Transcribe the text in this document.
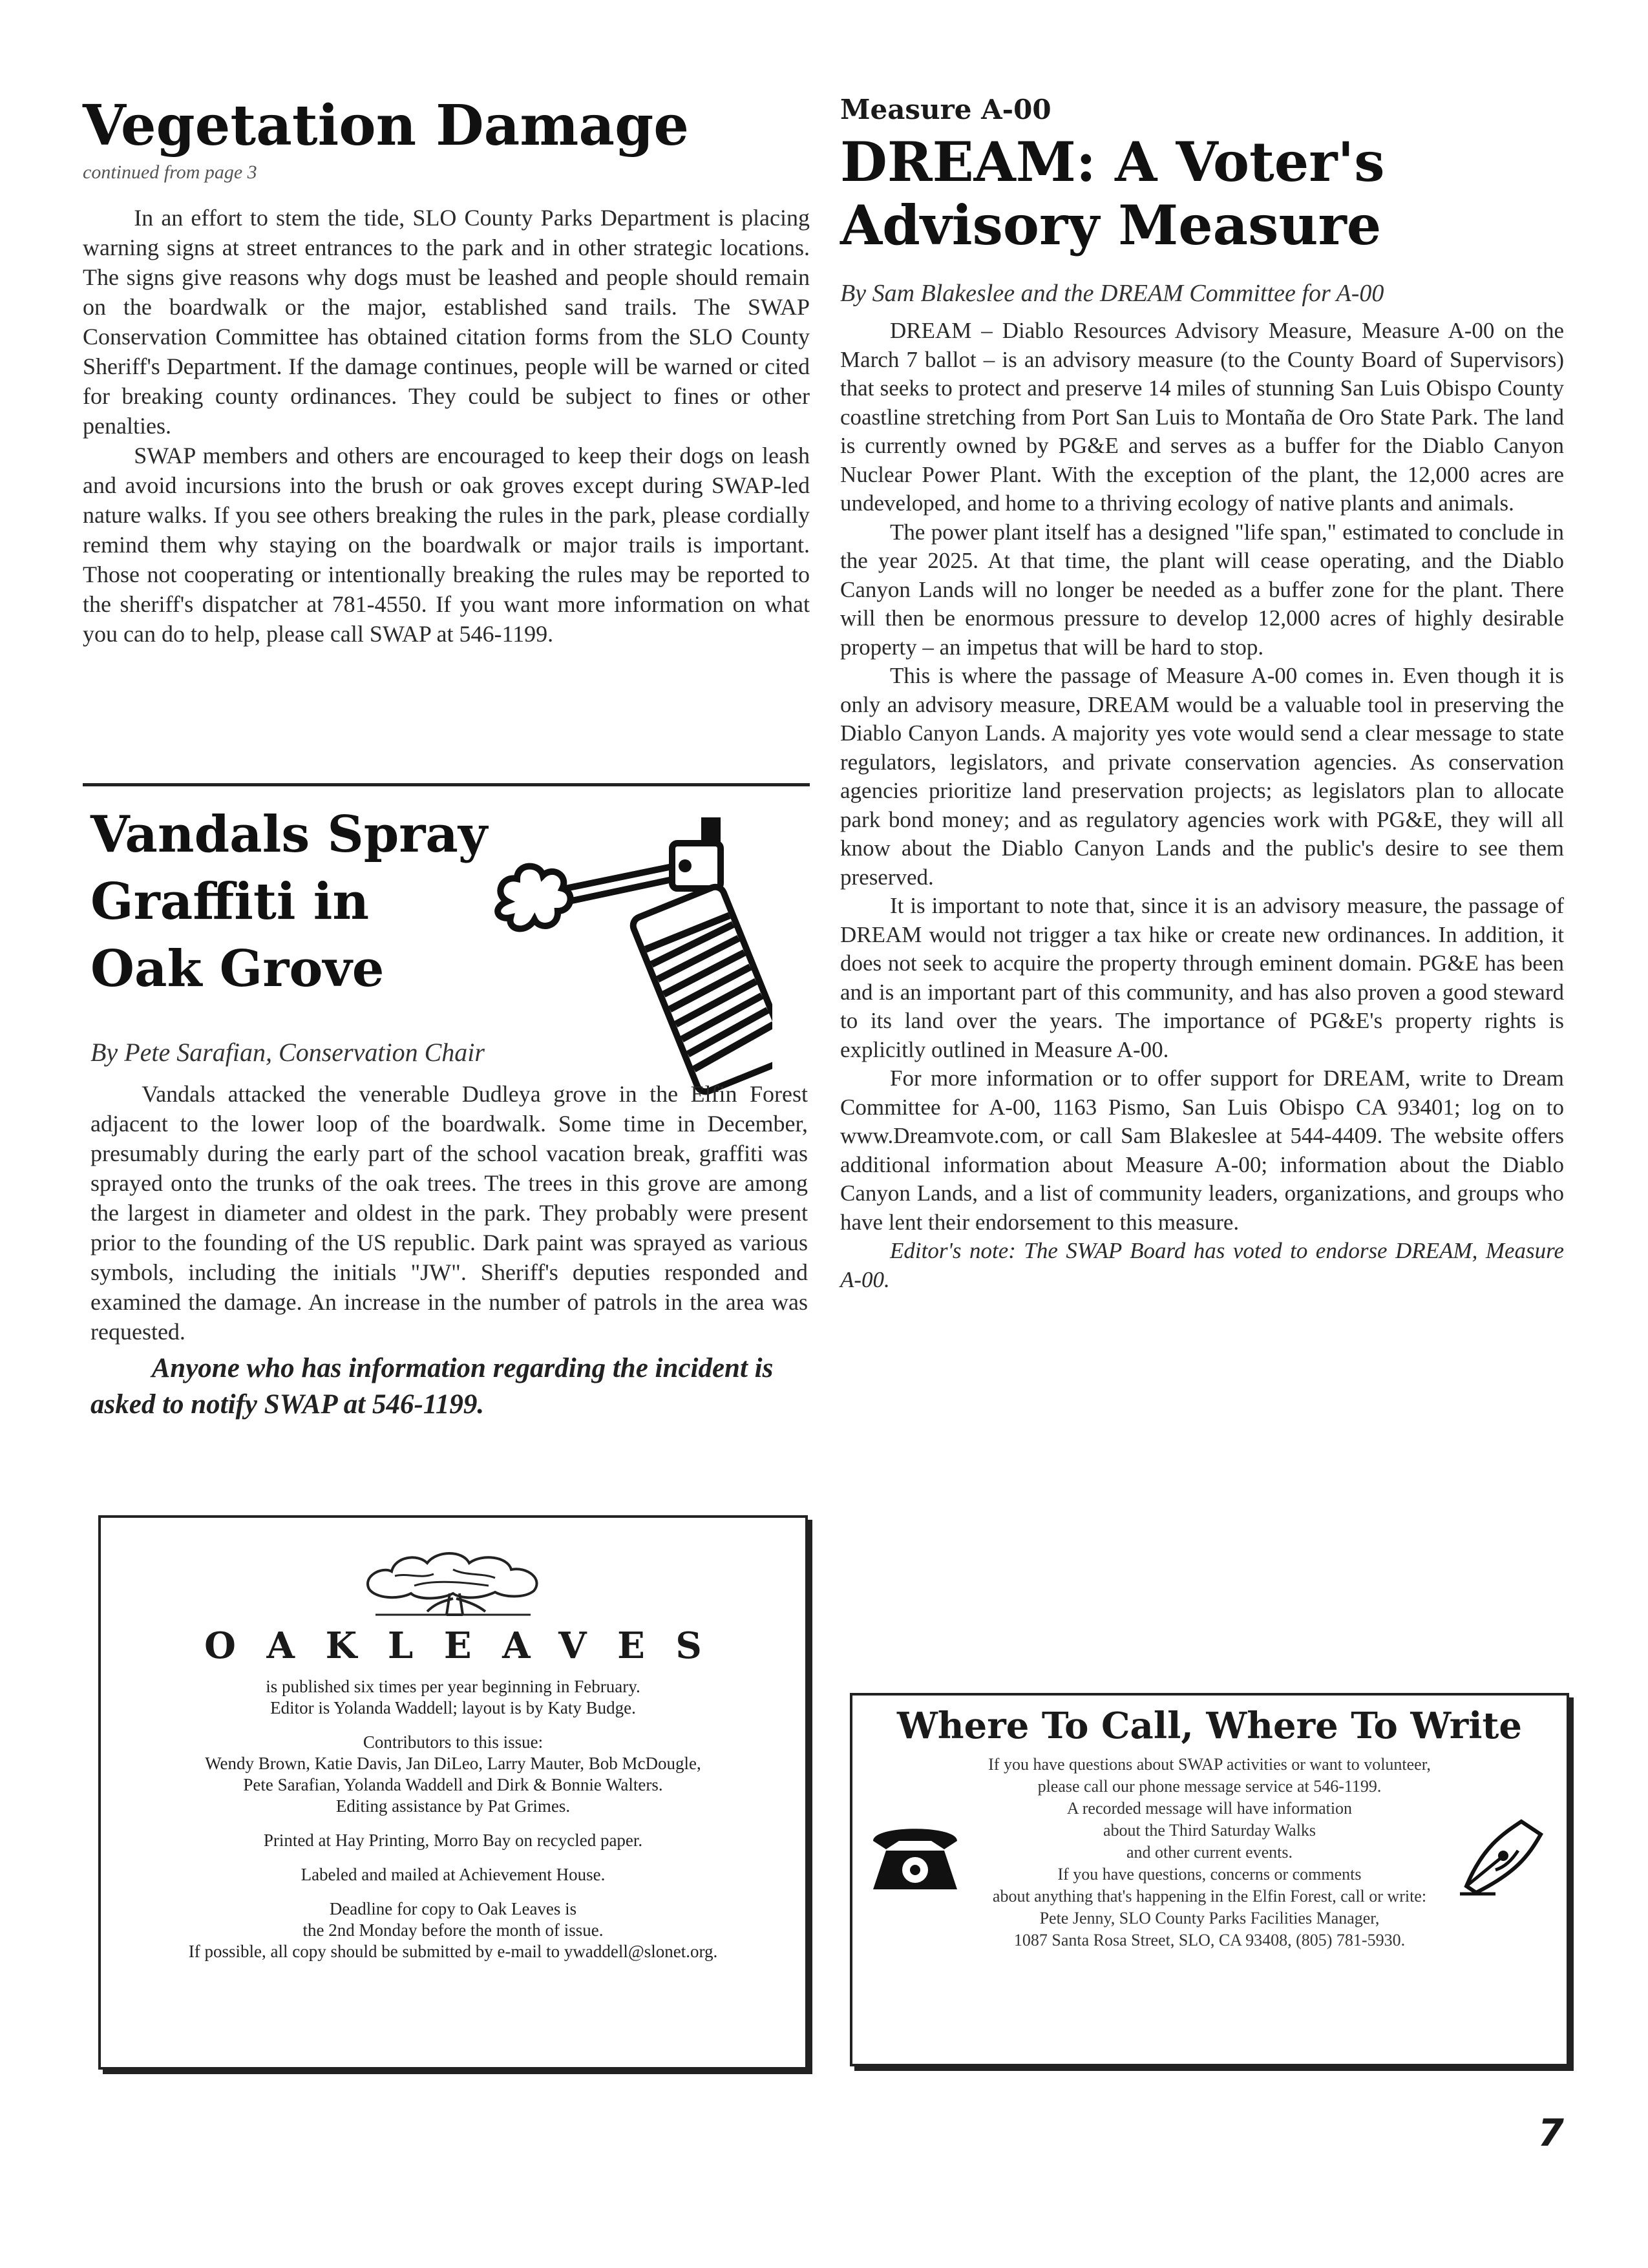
Vegetation Damage
continued from page 3

In an effort to stem the tide, SLO County Parks Department is placing warning signs at street entrances to the park and in other strategic locations. The signs give reasons why dogs must be leashed and people should remain on the boardwalk or the major, established sand trails. The SWAP Conservation Committee has obtained citation forms from the SLO County Sheriff's Department. If the damage continues, people will be warned or cited for breaking county ordinances. They could be subject to fines or other penalties.

SWAP members and others are encouraged to keep their dogs on leash and avoid incursions into the brush or oak groves except during SWAP-led nature walks. If you see others breaking the rules in the park, please cordially remind them why staying on the boardwalk or major trails is important. Those not cooperating or intentionally breaking the rules may be reported to the sheriff's dispatcher at 781-4550. If you want more information on what you can do to help, please call SWAP at 546-1199.

Vandals Spray
Graffiti in
Oak Grove
By Pete Sarafian, Conservation Chair

Vandals attacked the venerable Dudleya grove in the Elfin Forest adjacent to the lower loop of the boardwalk. Some time in December, presumably during the early part of the school vacation break, graffiti was sprayed onto the trunks of the oak trees. The trees in this grove are among the largest in diameter and oldest in the park. They probably were present prior to the founding of the US republic. Dark paint was sprayed as various symbols, including the initials "JW". Sheriff's deputies responded and examined the damage. An increase in the number of patrols in the area was requested.

Anyone who has information regarding the incident is asked to notify SWAP at 546-1199.
OAKLEAVES
is published six times per year beginning in February.
Editor is Yolanda Waddell; layout is by Katy Budge.
Contributors to this issue:
Wendy Brown, Katie Davis, Jan DiLeo, Larry Mauter, Bob McDougle,
Pete Sarafian, Yolanda Waddell and Dirk & Bonnie Walters.
Editing assistance by Pat Grimes.
Printed at Hay Printing, Morro Bay on recycled paper.
Labeled and mailed at Achievement House.
Deadline for copy to Oak Leaves is
the 2nd Monday before the month of issue.
If possible, all copy should be submitted by e-mail to ywaddell@slonet.org.
Measure A-00
DREAM: A Voter's
Advisory Measure
By Sam Blakeslee and the DREAM Committee for A-00

DREAM – Diablo Resources Advisory Measure, Measure A-00 on the March 7 ballot – is an advisory measure (to the County Board of Supervisors) that seeks to protect and preserve 14 miles of stunning San Luis Obispo County coastline stretching from Port San Luis to Montaña de Oro State Park. The land is currently owned by PG&E and serves as a buffer for the Diablo Canyon Nuclear Power Plant. With the exception of the plant, the 12,000 acres are undeveloped, and home to a thriving ecology of native plants and animals.

The power plant itself has a designed "life span," estimated to conclude in the year 2025. At that time, the plant will cease operating, and the Diablo Canyon Lands will no longer be needed as a buffer zone for the plant. There will then be enormous pressure to develop 12,000 acres of highly desirable property – an impetus that will be hard to stop.

This is where the passage of Measure A-00 comes in. Even though it is only an advisory measure, DREAM would be a valuable tool in preserving the Diablo Canyon Lands. A majority yes vote would send a clear message to state regulators, legislators, and private conservation agencies. As conservation agencies prioritize land preservation projects; as legislators plan to allocate park bond money; and as regulatory agencies work with PG&E, they will all know about the Diablo Canyon Lands and the public's desire to see them preserved.

It is important to note that, since it is an advisory measure, the passage of DREAM would not trigger a tax hike or create new ordinances. In addition, it does not seek to acquire the property through eminent domain. PG&E has been and is an important part of this community, and has also proven a good steward to its land over the years. The importance of PG&E's property rights is explicitly outlined in Measure A-00.

For more information or to offer support for DREAM, write to Dream Committee for A-00, 1163 Pismo, San Luis Obispo CA 93401; log on to www.Dreamvote.com, or call Sam Blakeslee at 544-4409. The website offers additional information about Measure A-00; information about the Diablo Canyon Lands, and a list of community leaders, organizations, and groups who have lent their endorsement to this measure.

Editor's note: The SWAP Board has voted to endorse DREAM, Measure A-00.

Where To Call, Where To Write
If you have questions about SWAP activities or want to volunteer,
please call our phone message service at 546-1199.
A recorded message will have information
about the Third Saturday Walks
and other current events.
If you have questions, concerns or comments
about anything that's happening in the Elfin Forest, call or write:
Pete Jenny, SLO County Parks Facilities Manager,
1087 Santa Rosa Street, SLO, CA 93408, (805) 781-5930.
7
